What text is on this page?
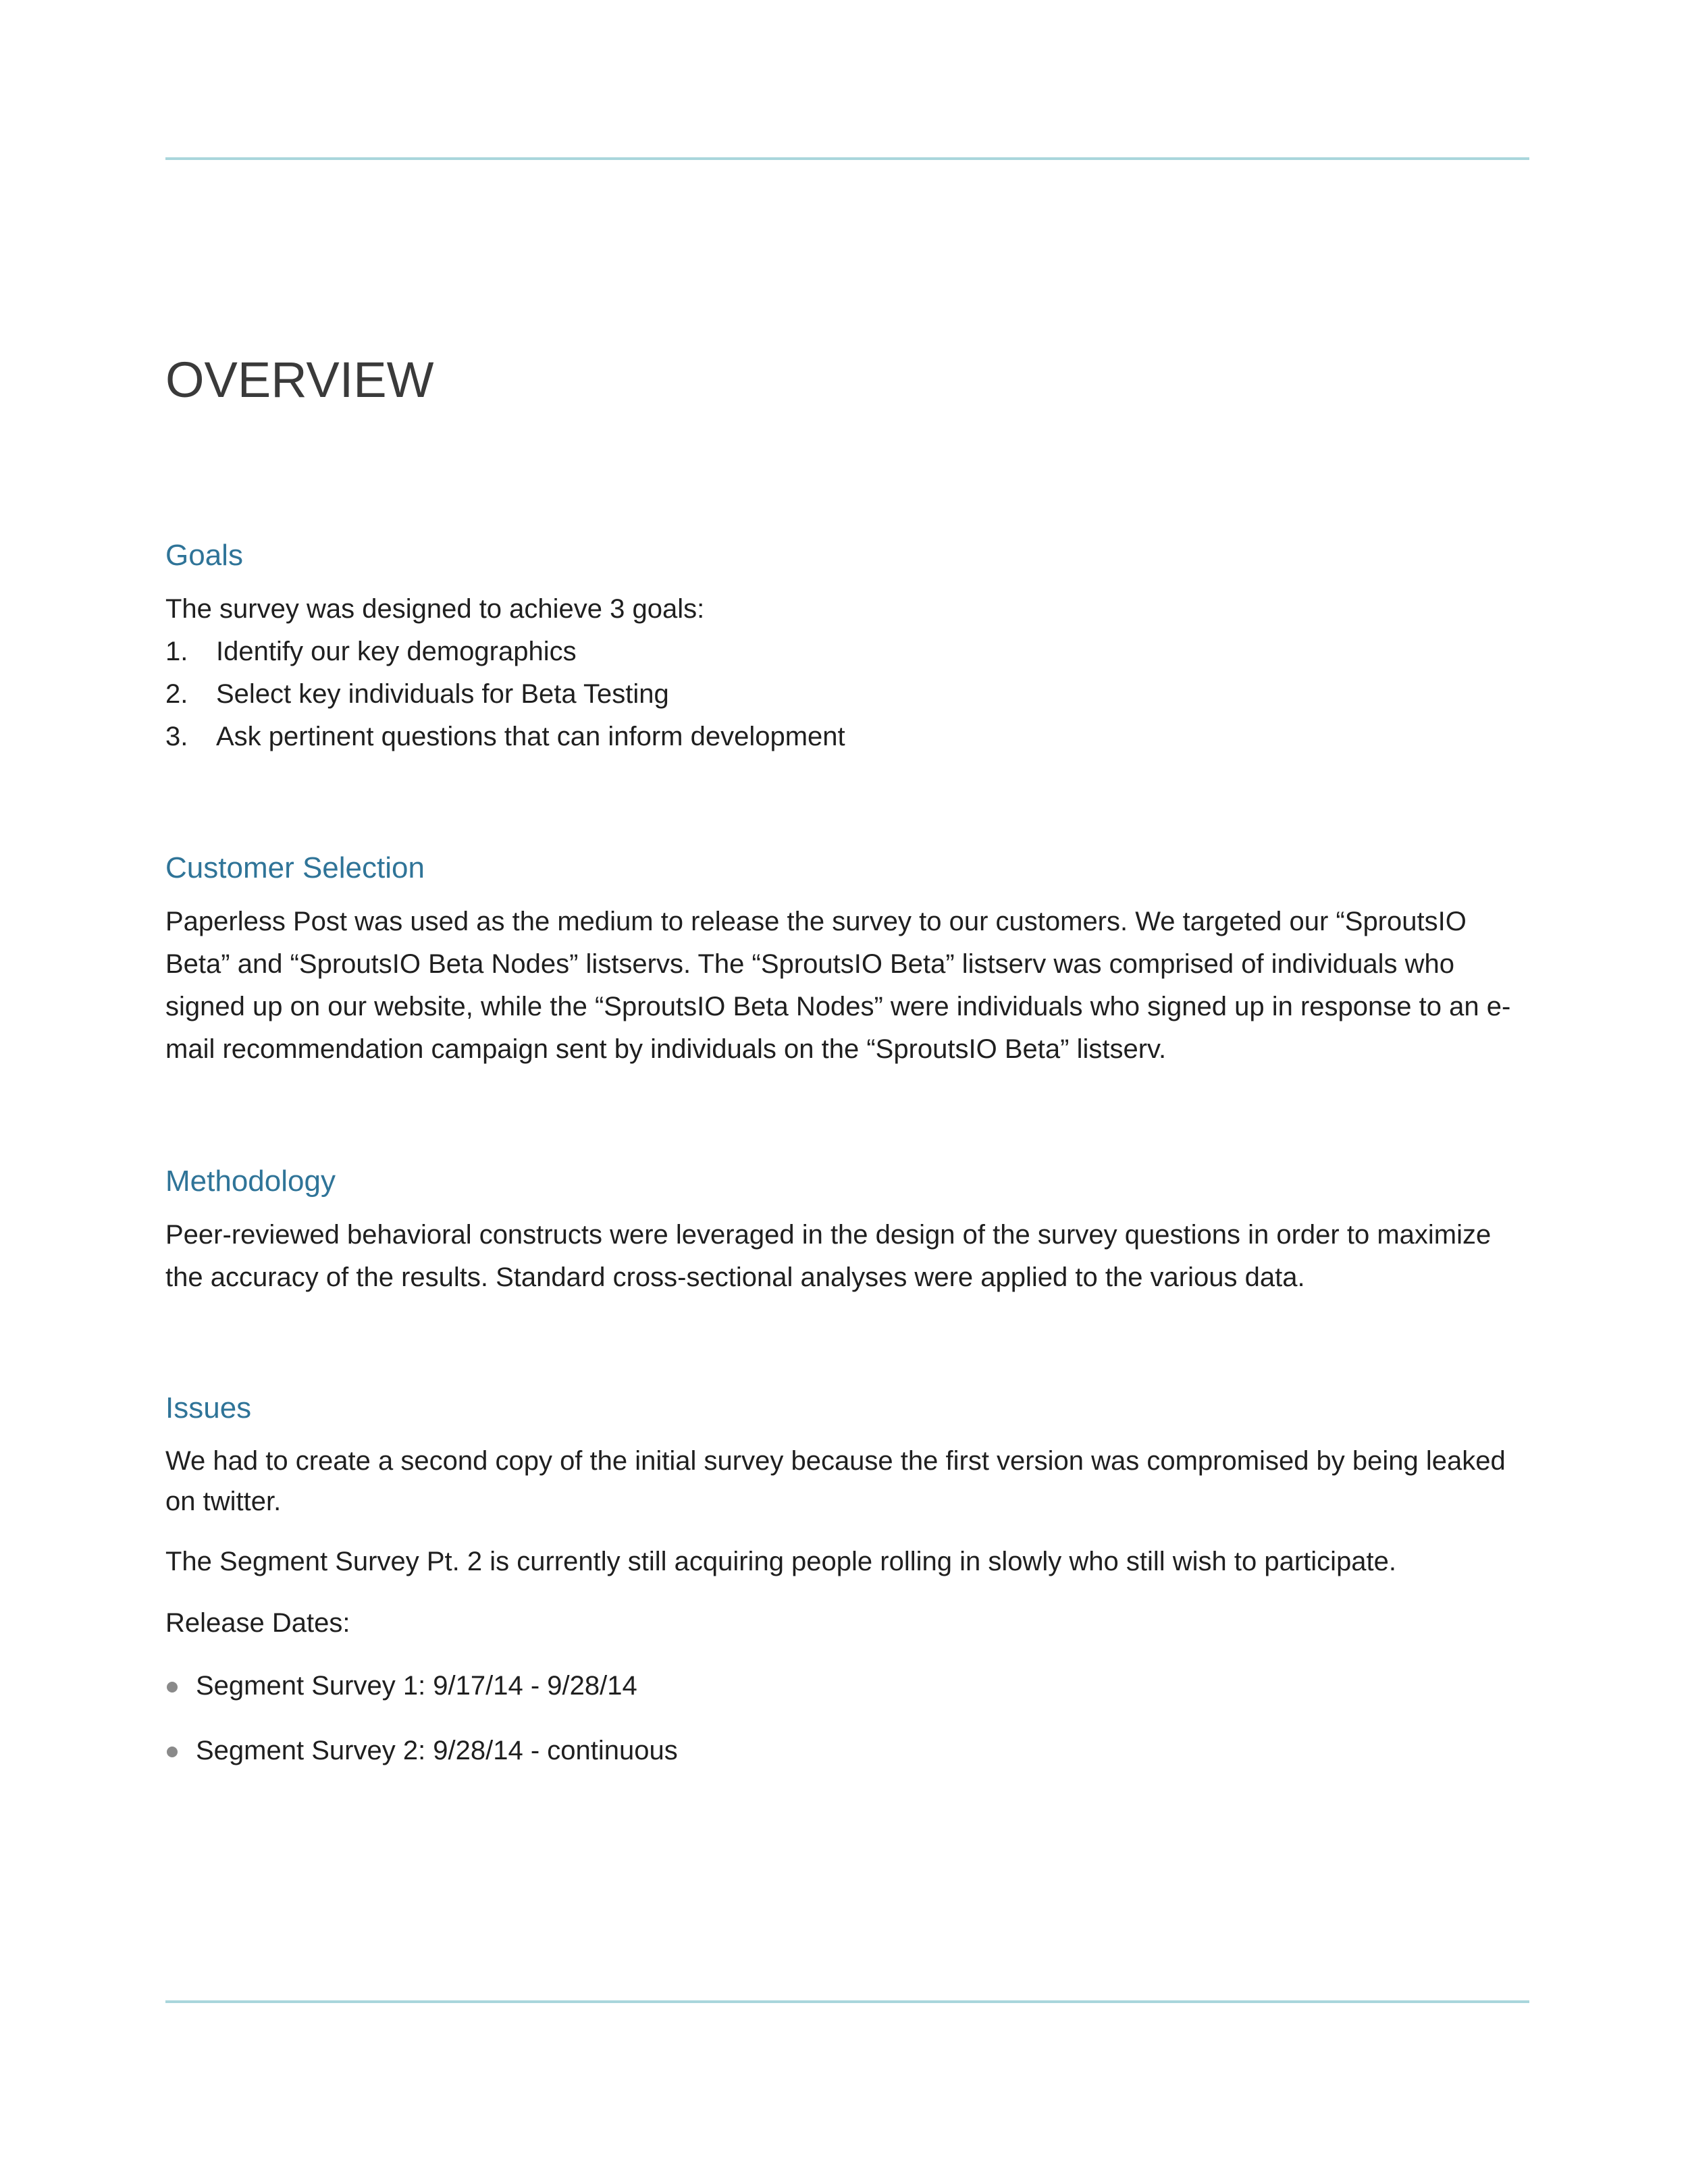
OVERVIEW
Goals

The survey was designed to achieve 3 goals:

1. Identify our key demographics
2. Select key individuals for Beta Testing
3. Ask pertinent questions that can inform development
Customer Selection

Paperless Post was used as the medium to release the survey to our customers. We targeted our “SproutsIO Beta” and “SproutsIO Beta Nodes” listservs. The “SproutsIO Beta” listserv was comprised of individuals who signed up on our website, while the “SproutsIO Beta Nodes” were individuals who signed up in response to an e-mail recommendation campaign sent by individuals on the “SproutsIO Beta” listserv.

Methodology

Peer-reviewed behavioral constructs were leveraged in the design of the survey questions in order to maximize the accuracy of the results. Standard cross-sectional analyses were applied to the various data.

Issues

We had to create a second copy of the initial survey because the first version was compromised by being leaked on twitter.

The Segment Survey Pt. 2 is currently still acquiring people rolling in slowly who still wish to participate.

Release Dates:

Segment Survey 1: 9/17/14 - 9/28/14
Segment Survey 2: 9/28/14 - continuous
